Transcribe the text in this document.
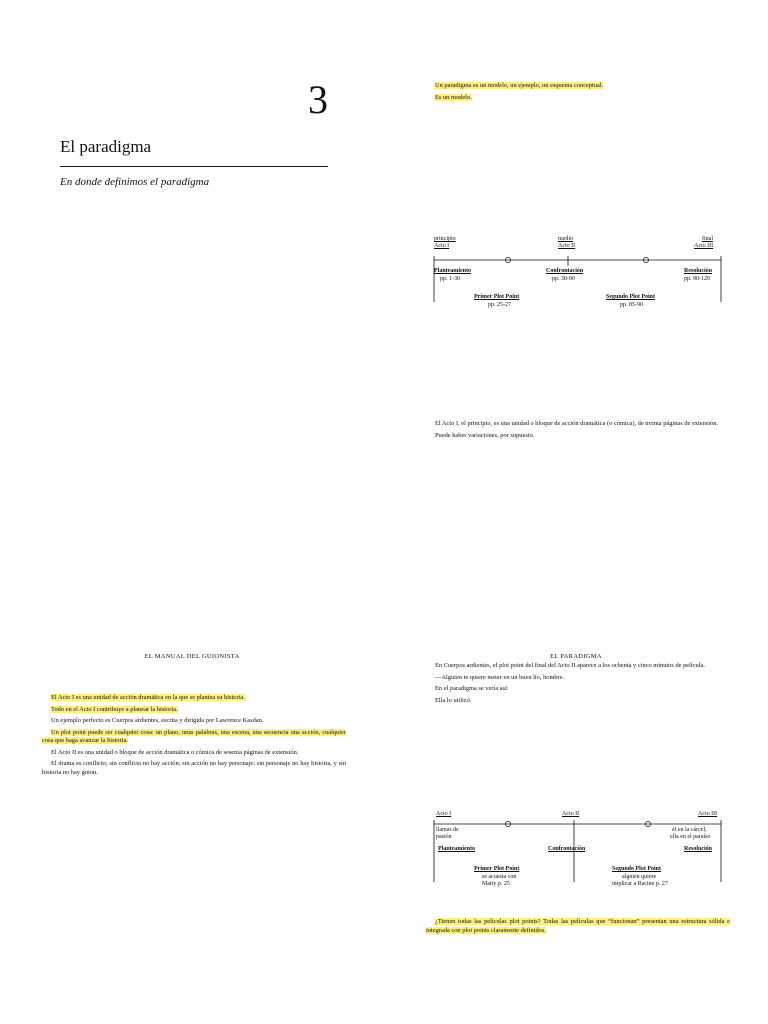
3
El paradigma
En donde definimos el paradigma

Un paradigma es un modelo, un ejemplo, un esquema conceptual.

Es un modelo.

principio
Acto I
medio
Acto II
final
Acto III
Planteamiento
pp. 1-30
Confrontación
pp. 30-90
Resolución
pp. 90-120
Primer Plot Point
pp. 25-27
Segundo Plot Point
pp. 85-90

El Acto I, el principio, es una unidad o bloque de acción dramática (o cómica), de treinta páginas de extensión.

Puede haber variaciones, por supuesto.

EL MANUAL DEL GUIONISTA

El Acto I es una unidad de acción dramática en la que se plantea su historia.

Todo en el Acto I contribuye a planear la historia.

Un ejemplo perfecto es Cuerpos ardientes, escrita y dirigida por Lawrence Kasdan.

Un plot point puede ser cualquier cosa: un plano, unas palabras, una escena, una secuencia una acción, cualquier cosa que haga avanzar la historia.

El Acto II es una unidad o bloque de acción dramática o cómica de sesenta páginas de extensión.

El drama es conflicto; sin conflicto no hay acción; sin acción no hay personaje; sin personaje no hay historia, y sin historia no hay guion.

EL PARADIGMA

En Cuerpos ardientes, el plot point del final del Acto II aparece a los ochenta y cinco minutos de película.

—Alguien te quiere meter en un buen lío, hombre.

En el paradigma se vería así:

Ella lo utilizó.

Acto I	Acto II	Acto III
llamas de
pasión
él en la cárcel,
ella en el paraíso
Planteamiento	Confrontación	Resolución
Primer Plot Point
se acuesta con
Matty p. 25
Segundo Plot Point
alguien quiere
implicar a Racine p. 27

¿Tienen todas las películas plot points? Todas las películas que “funcionan” presentan una estructura sólida e integrada con plot points claramente definidos.
